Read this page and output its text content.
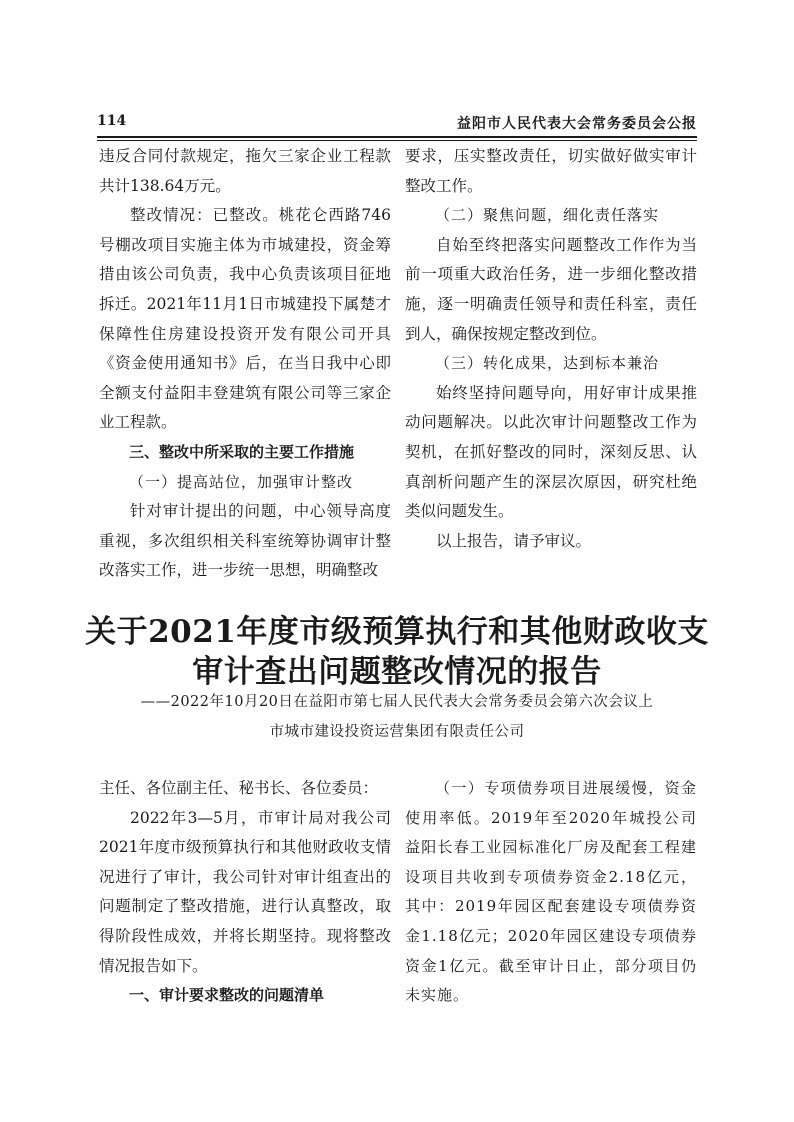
114	益阳市人民代表大会常务委员会公报

违反合同付款规定，拖欠三家企业工程款共计138.64万元。

整改情况：已整改。桃花仑西路746号棚改项目实施主体为市城建投，资金筹措由该公司负责，我中心负责该项目征地拆迁。2021年11月1日市城建投下属楚才保障性住房建设投资开发有限公司开具《资金使用通知书》后，在当日我中心即全额支付益阳丰登建筑有限公司等三家企业工程款。

三、整改中所采取的主要工作措施

（一）提高站位，加强审计整改

针对审计提出的问题，中心领导高度重视，多次组织相关科室统筹协调审计整改落实工作，进一步统一思想，明确整改

要求，压实整改责任，切实做好做实审计整改工作。

（二）聚焦问题，细化责任落实

自始至终把落实问题整改工作作为当前一项重大政治任务，进一步细化整改措施，逐一明确责任领导和责任科室，责任到人，确保按规定整改到位。

（三）转化成果，达到标本兼治

始终坚持问题导向，用好审计成果推动问题解决。以此次审计问题整改工作为契机，在抓好整改的同时，深刻反思、认真剖析问题产生的深层次原因，研究杜绝类似问题发生。

以上报告，请予审议。

关于2021年度市级预算执行和其他财政收支
审计查出问题整改情况的报告
——2022年10月20日在益阳市第七届人民代表大会常务委员会第六次会议上
市城市建设投资运营集团有限责任公司

主任、各位副主任、秘书长、各位委员：

2022年3—5月，市审计局对我公司2021年度市级预算执行和其他财政收支情况进行了审计，我公司针对审计组查出的问题制定了整改措施，进行认真整改，取得阶段性成效，并将长期坚持。现将整改情况报告如下。

一、审计要求整改的问题清单

（一）专项债券项目进展缓慢，资金使用率低。2019年至2020年城投公司益阳长春工业园标准化厂房及配套工程建设项目共收到专项债券资金2.18亿元，其中：2019年园区配套建设专项债券资金1.18亿元；2020年园区建设专项债券资金1亿元。截至审计日止，部分项目仍未实施。
